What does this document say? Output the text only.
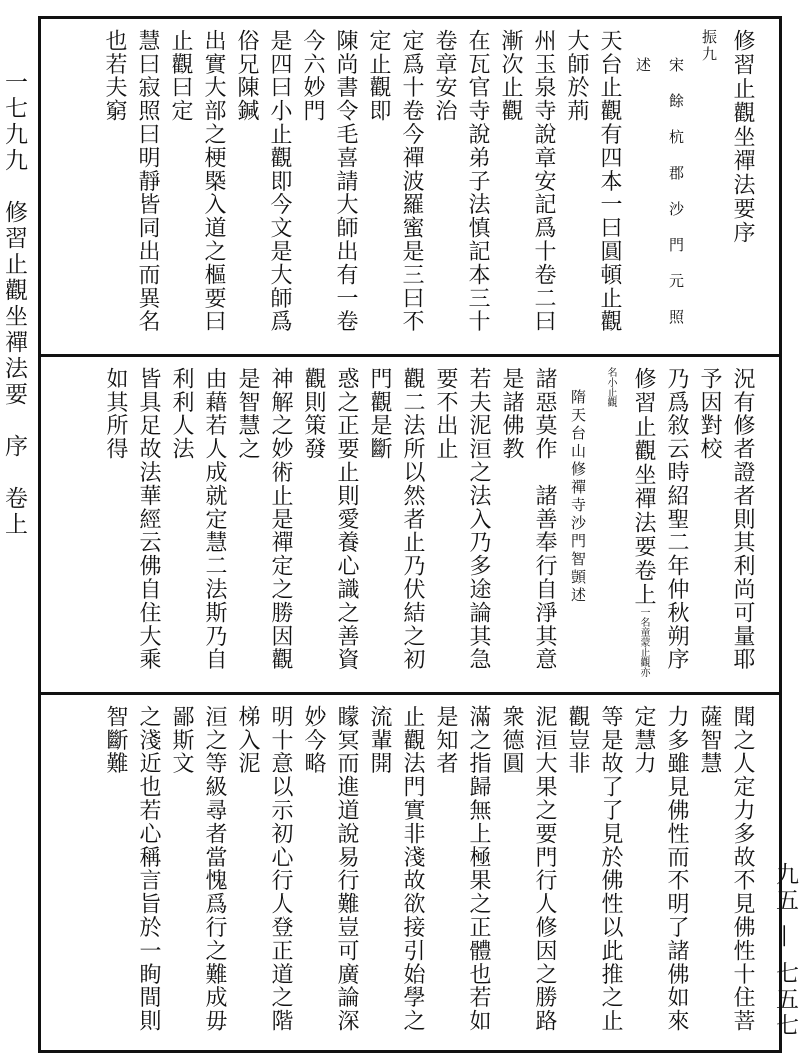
一七九九　修習止觀坐禪法要　序　卷上
九五 — 七五七

修習止觀坐禪法要序振九

宋　餘　杭　郡　沙　門　元　照　述

天台止觀有四本一曰圓頓止觀大師於荊

州玉泉寺說章安記爲十卷二曰漸次止觀

在瓦官寺說弟子法慎記本三十卷章安治

定爲十卷今禪波羅蜜是三曰不定止觀即

陳尚書令毛喜請大師出有一卷今六妙門

是四曰小止觀即今文是大師爲俗兄陳鍼

出實大部之梗槩入道之樞要曰止觀曰定

慧曰寂照曰明靜皆同出而異名也若夫窮

況有修者證者則其利尚可量耶予因對校

乃爲敘云時紹聖二年仲秋朔序

修習止觀坐禪法要卷上一名童蒙止觀亦名小止觀

隋天台山修禪寺沙門智顗述

諸惡莫作　諸善奉行自淨其意是諸佛教

若夫泥洹之法入乃多途論其急要不出止

觀二法所以然者止乃伏結之初門觀是斷

惑之正要止則愛養心識之善資觀則策發

神解之妙術止是禪定之勝因觀是智慧之

由藉若人成就定慧二法斯乃自利利人法

皆具足故法華經云佛自住大乘如其所得

聞之人定力多故不見佛性十住菩薩智慧

力多雖見佛性而不明了諸佛如來定慧力

等是故了了見於佛性以此推之止觀豈非

泥洹大果之要門行人修因之勝路衆德圓

滿之指歸無上極果之正體也若如是知者

止觀法門實非淺故欲接引始學之流輩開

矇冥而進道說易行難豈可廣論深妙今略

明十意以示初心行人登正道之階梯入泥

洹之等級尋者當愧爲行之難成毋鄙斯文

之淺近也若心稱言旨於一眴間則智斷難
